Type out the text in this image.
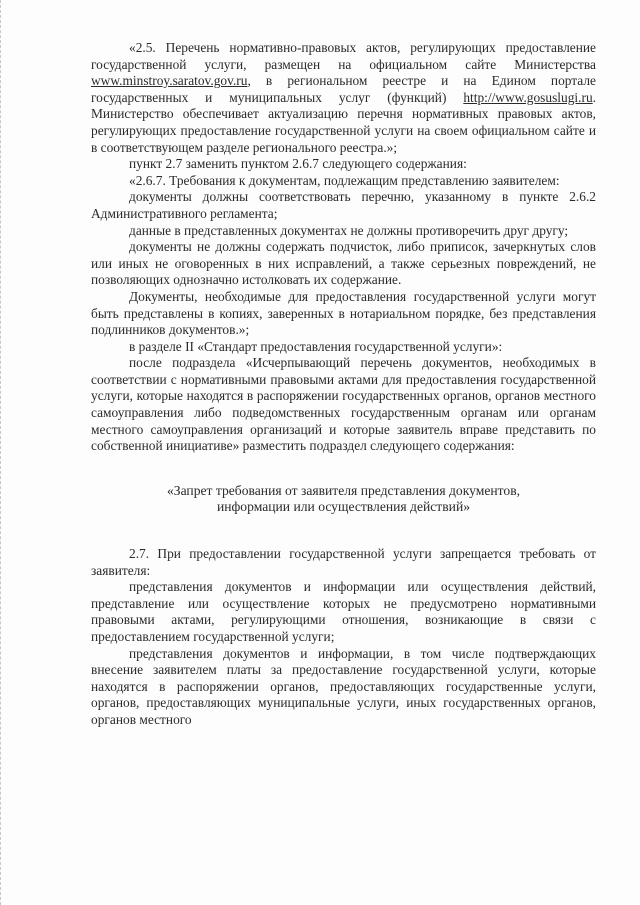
«2.5. Перечень нормативно-правовых актов, регулирующих предоставление государственной услуги, размещен на официальном сайте Министерства www.minstroy.saratov.gov.ru, в региональном реестре и на Едином портале государственных и муниципальных услуг (функций) http://www.gosuslugi.ru. Министерство обеспечивает актуализацию перечня нормативных правовых актов, регулирующих предоставление государственной услуги на своем официальном сайте и в соответствующем разделе регионального реестра.»;

пункт 2.7 заменить пунктом 2.6.7 следующего содержания:

«2.6.7. Требования к документам, подлежащим представлению заявителем:

документы должны соответствовать перечню, указанному в пункте 2.6.2 Административного регламента;

данные в представленных документах не должны противоречить друг другу;

документы не должны содержать подчисток, либо приписок, зачеркнутых слов или иных не оговоренных в них исправлений, а также серьезных повреждений, не позволяющих однозначно истолковать их содержание.

Документы, необходимые для предоставления государственной услуги могут быть представлены в копиях, заверенных в нотариальном порядке, без представления подлинников документов.»;

в разделе II «Стандарт предоставления государственной услуги»:

после подраздела «Исчерпывающий перечень документов, необходимых в соответствии с нормативными правовыми актами для предоставления государственной услуги, которые находятся в распоряжении государственных органов, органов местного самоуправления либо подведомственных государственным органам или органам местного самоуправления организаций и которые заявитель вправе представить по собственной инициативе» разместить подраздел следующего содержания:

«Запрет требования от заявителя представления документов,
информации или осуществления действий»

2.7. При предоставлении государственной услуги запрещается требовать от заявителя:

представления документов и информации или осуществления действий, представление или осуществление которых не предусмотрено нормативными правовыми актами, регулирующими отношения, возникающие в связи с предоставлением государственной услуги;

представления документов и информации, в том числе подтверждающих внесение заявителем платы за предоставление государственной услуги, которые находятся в распоряжении органов, предоставляющих государственные услуги, органов, предоставляющих муниципальные услуги, иных государственных органов, органов местного
